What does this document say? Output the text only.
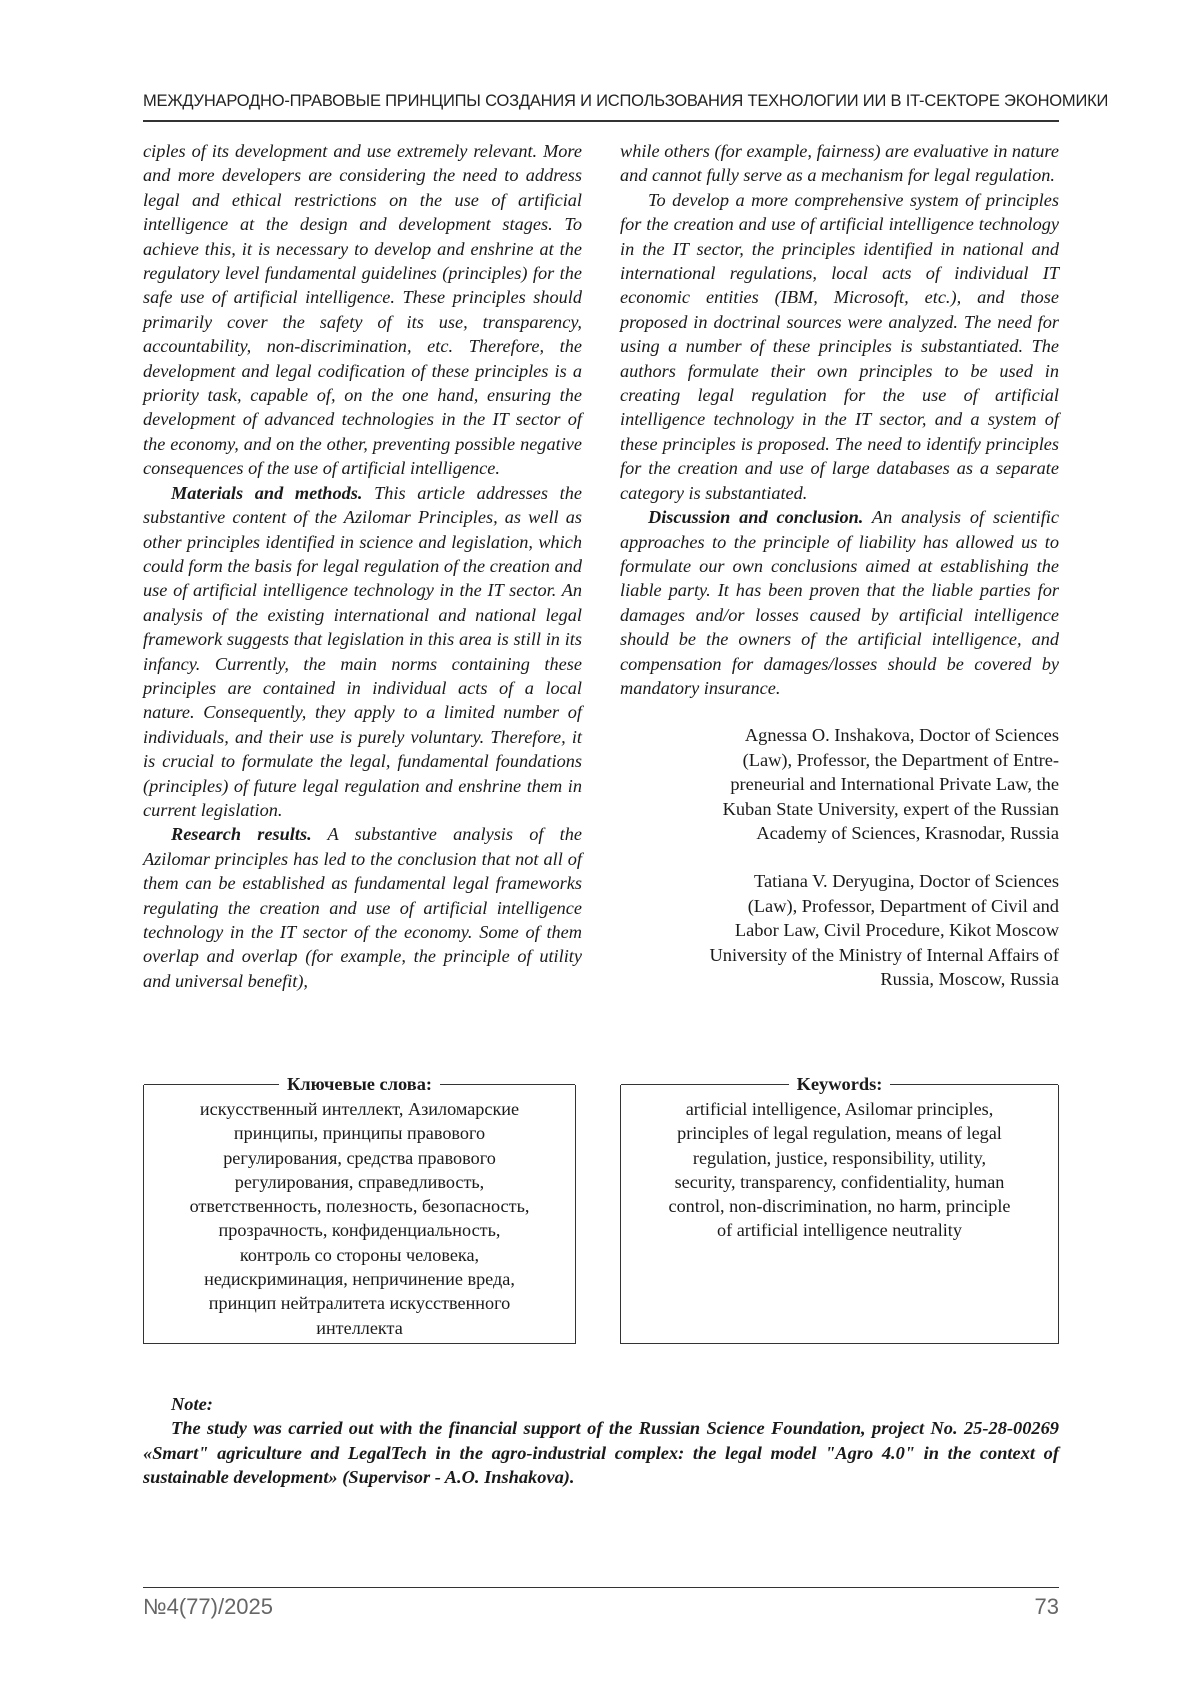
МЕЖДУНАРОДНО-ПРАВОВЫЕ ПРИНЦИПЫ СОЗДАНИЯ И ИСПОЛЬЗОВАНИЯ ТЕХНОЛОГИИ ИИ В IT-СЕКТОРЕ ЭКОНОМИКИ

ciples of its development and use extremely relevant. More and more developers are considering the need to address legal and ethical restrictions on the use of artificial intelligence at the design and development stages. To achieve this, it is necessary to develop and enshrine at the regulatory level fundamental guidelines (principles) for the safe use of artificial intelligence. These principles should primarily cover the safety of its use, transparency, accountability, non-discrimination, etc. Therefore, the development and legal codification of these principles is a priority task, capable of, on the one hand, ensuring the development of advanced technologies in the IT sector of the economy, and on the other, preventing possible negative consequences of the use of artificial intelligence.

Materials and methods. This article addresses the substantive content of the Azilomar Principles, as well as other principles identified in science and legislation, which could form the basis for legal regulation of the creation and use of artificial intelligence technology in the IT sector. An analysis of the existing international and national legal framework suggests that legislation in this area is still in its infancy. Currently, the main norms containing these principles are contained in individual acts of a local nature. Consequently, they apply to a limited number of individuals, and their use is purely voluntary. Therefore, it is crucial to formulate the legal, fundamental foundations (principles) of future legal regulation and enshrine them in current legislation.

Research results. A substantive analysis of the Azilomar principles has led to the conclusion that not all of them can be established as fundamental legal frameworks regulating the creation and use of artificial intelligence technology in the IT sector of the economy. Some of them overlap and overlap (for example, the principle of utility and universal benefit),

while others (for example, fairness) are evaluative in nature and cannot fully serve as a mechanism for legal regulation.

To develop a more comprehensive system of principles for the creation and use of artificial intelligence technology in the IT sector, the principles identified in national and international regulations, local acts of individual IT economic entities (IBM, Microsoft, etc.), and those proposed in doctrinal sources were analyzed. The need for using a number of these principles is substantiated. The authors formulate their own principles to be used in creating legal regulation for the use of artificial intelligence technology in the IT sector, and a system of these principles is proposed. The need to identify principles for the creation and use of large databases as a separate category is substantiated.

Discussion and conclusion. An analysis of scientific approaches to the principle of liability has allowed us to formulate our own conclusions aimed at establishing the liable party. It has been proven that the liable parties for damages and/or losses caused by artificial intelligence should be the owners of the artificial intelligence, and compensation for damages/losses should be covered by mandatory insurance.

Agnessa O. Inshakova, Doctor of Sciences
(Law), Professor, the Department of Entre-
preneurial and International Private Law, the
Kuban State University, expert of the Russian
Academy of Sciences, Krasnodar, Russia
Tatiana V. Deryugina, Doctor of Sciences
(Law), Professor, Department of Civil and
Labor Law, Civil Procedure, Kikot Moscow
University of the Ministry of Internal Affairs of
Russia, Moscow, Russia
Ключевые слова:
искусственный интеллект, Азиломарские
принципы, принципы правового
регулирования, средства правового
регулирования, справедливость,
ответственность, полезность, безопасность,
прозрачность, конфиденциальность,
контроль со стороны человека,
недискриминация, непричинение вреда,
принцип нейтралитета искусственного
интеллекта
Keywords:
artificial intelligence, Asilomar principles,
principles of legal regulation, means of legal
regulation, justice, responsibility, utility,
security, transparency, confidentiality, human
control, non-discrimination, no harm, principle
of artificial intelligence neutrality
Note:

The study was carried out with the financial support of the Russian Science Foundation, project No. 25-28-00269 «Smart" agriculture and LegalTech in the agro-industrial complex: the legal model "Agro 4.0" in the context of sustainable development» (Supervisor - A.O. Inshakova).

№4(77)/2025	73
